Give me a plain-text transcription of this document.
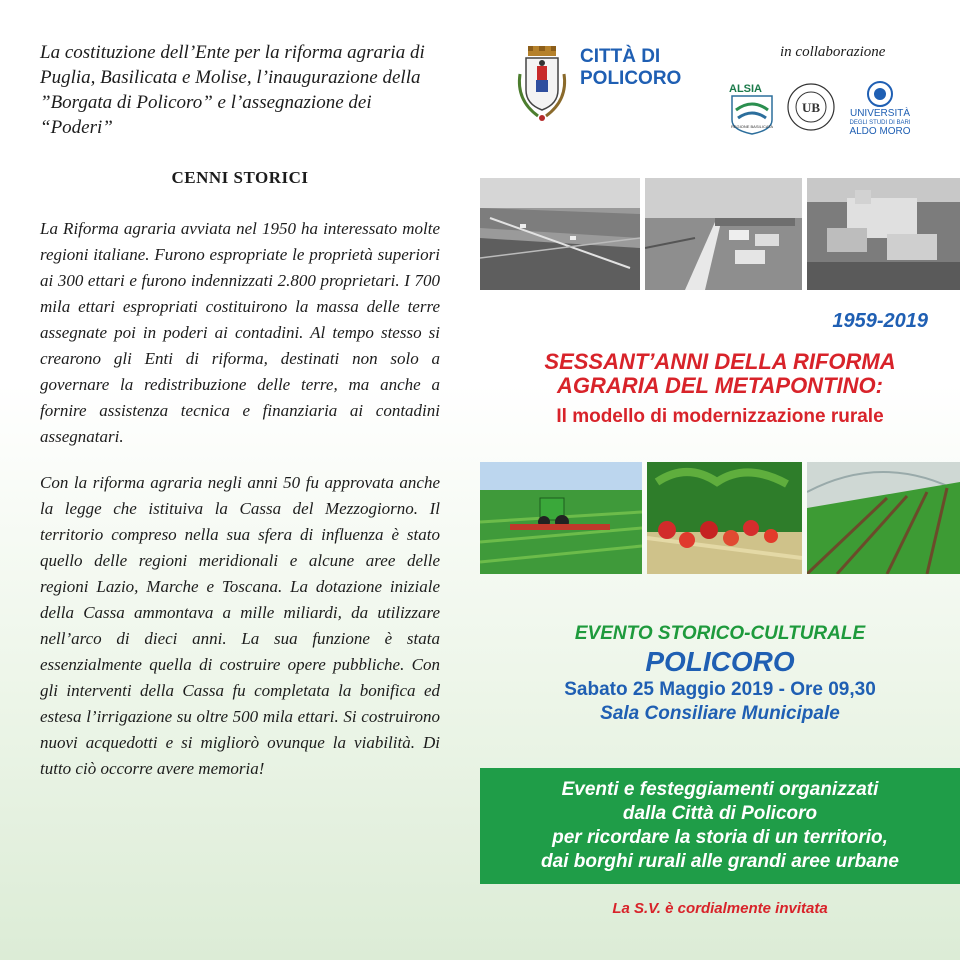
La costituzione dell’Ente per la riforma agraria di Puglia, Basilicata e Molise, l’inaugurazione della ”Borgata di Policoro” e l’assegnazione dei “Poderi”

CENNI STORICI

La Riforma agraria avviata nel 1950 ha interessato molte regioni italiane. Furono espropriate le proprietà superiori ai 300 ettari e furono indennizzati 2.800 proprietari. I 700 mila ettari espropriati costituirono la massa delle terre assegnate poi in poderi ai contadini. Al tempo stesso si crearono gli Enti di riforma, destinati non solo a governare la redistribuzione delle terre, ma anche a fornire assistenza tecnica e finanziaria ai contadini assegnatari.

Con la riforma agraria negli anni 50 fu approvata anche la legge che istituiva la Cassa del Mezzogiorno. Il territorio compreso nella sua sfera di influenza è stato quello delle regioni meridionali e alcune aree delle regioni Lazio, Marche e Toscana. La dotazione iniziale della Cassa ammontava a mille miliardi, da utilizzare nell’arco di dieci anni. La sua funzione è stata essenzialmente quella di costruire opere pubbliche. Con gli interventi della Cassa fu completata la bonifica ed estesa l’irrigazione su oltre 500 mila ettari. Si costruirono nuovi acquedotti e si migliorò ovunque la viabilità. Di tutto ciò occorre avere memoria!

CITTÀ DI
POLICORO
in collaborazione
ALSIA
REGIONE BASILICATA
UB	UNIVERSITÀ
DEGLI STUDI DI BARI
ALDO MORO
1959-2019
SESSANT’ANNI DELLA RIFORMA
AGRARIA DEL METAPONTINO:
Il modello di modernizzazione rurale
EVENTO STORICO-CULTURALE
POLICORO
Sabato 25 Maggio 2019 - Ore 09,30
Sala Consiliare Municipale
Eventi e festeggiamenti organizzati
dalla Città di Policoro
per ricordare la storia di un territorio,
dai borghi rurali alle grandi aree urbane
La S.V. è cordialmente invitata
